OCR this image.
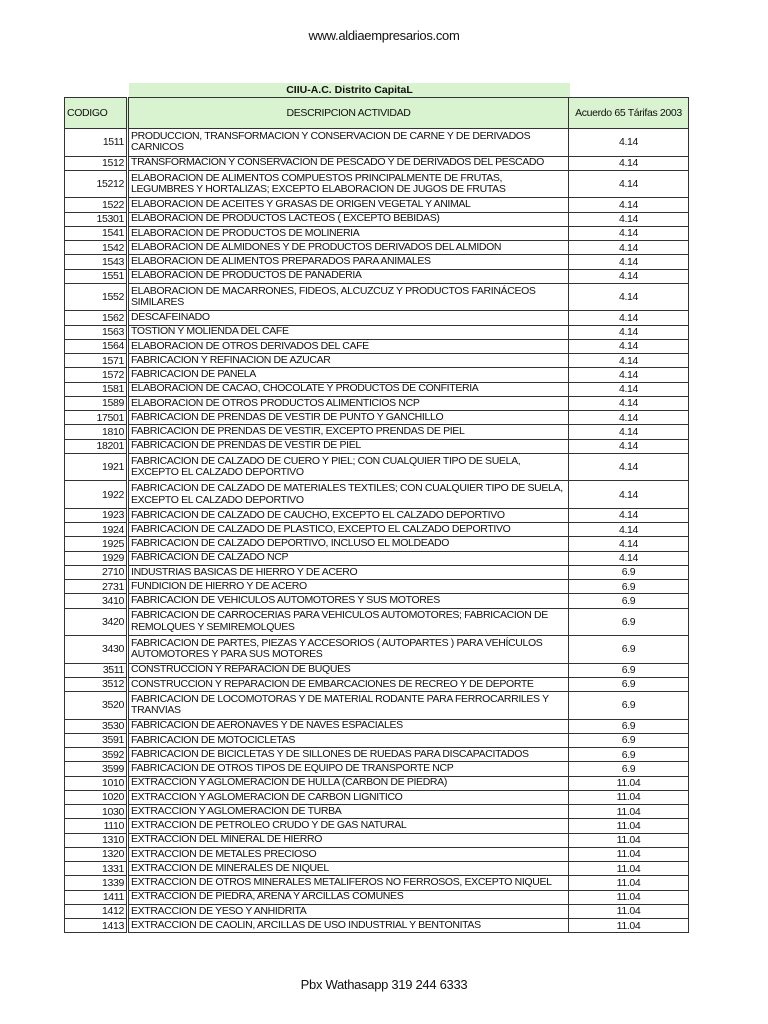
www.aldiaempresarios.com
CIIU-A.C. Distrito CapitaL
CODIGO	DESCRIPCION ACTIVIDAD	Acuerdo 65 Tárifas 2003
1511	PRODUCCION, TRANSFORMACION Y CONSERVACION DE CARNE Y DE DERIVADOS CARNICOS	4.14
1512	TRANSFORMACION Y CONSERVACION DE PESCADO Y DE DERIVADOS DEL PESCADO	4.14
15212	ELABORACION DE ALIMENTOS COMPUESTOS PRINCIPALMENTE DE FRUTAS, LEGUMBRES Y HORTALIZAS; EXCEPTO ELABORACION DE JUGOS DE FRUTAS	4.14
1522	ELABORACION DE ACEITES Y GRASAS DE ORIGEN VEGETAL Y ANIMAL	4.14
15301	ELABORACION DE PRODUCTOS LACTEOS ( EXCEPTO BEBIDAS)	4.14
1541	ELABORACION DE PRODUCTOS DE MOLINERIA	4.14
1542	ELABORACION DE ALMIDONES Y DE PRODUCTOS DERIVADOS DEL ALMIDON	4.14
1543	ELABORACION DE ALIMENTOS PREPARADOS PARA ANIMALES	4.14
1551	ELABORACION DE PRODUCTOS DE PANADERIA	4.14
1552	ELABORACION DE MACARRONES, FIDEOS, ALCUZCUZ Y PRODUCTOS FARINÁCEOS SIMILARES	4.14
1562	DESCAFEINADO	4.14
1563	TOSTION Y MOLIENDA DEL CAFE	4.14
1564	ELABORACION DE OTROS DERIVADOS DEL CAFE	4.14
1571	FABRICACION Y REFINACION DE AZUCAR	4.14
1572	FABRICACION DE PANELA	4.14
1581	ELABORACION DE CACAO, CHOCOLATE Y PRODUCTOS DE CONFITERIA	4.14
1589	ELABORACION DE OTROS PRODUCTOS ALIMENTICIOS NCP	4.14
17501	FABRICACION DE PRENDAS DE VESTIR DE PUNTO Y GANCHILLO	4.14
1810	FABRICACION DE PRENDAS DE VESTIR, EXCEPTO PRENDAS DE PIEL	4.14
18201	FABRICACION DE PRENDAS DE VESTIR DE PIEL	4.14
1921	FABRICACION DE CALZADO DE CUERO Y PIEL; CON CUALQUIER TIPO DE SUELA, EXCEPTO EL CALZADO DEPORTIVO	4.14
1922	FABRICACION DE CALZADO DE MATERIALES TEXTILES; CON CUALQUIER TIPO DE SUELA, EXCEPTO EL CALZADO DEPORTIVO	4.14
1923	FABRICACION DE CALZADO DE CAUCHO, EXCEPTO EL CALZADO DEPORTIVO	4.14
1924	FABRICACION DE CALZADO DE PLASTICO, EXCEPTO EL CALZADO DEPORTIVO	4.14
1925	FABRICACION DE CALZADO DEPORTIVO, INCLUSO EL MOLDEADO	4.14
1929	FABRICACION DE CALZADO NCP	4.14
2710	INDUSTRIAS BASICAS DE HIERRO Y DE ACERO	6.9
2731	FUNDICION DE HIERRO Y DE ACERO	6.9
3410	FABRICACION DE VEHICULOS AUTOMOTORES Y SUS MOTORES	6.9
3420	FABRICACION DE CARROCERIAS PARA VEHICULOS AUTOMOTORES; FABRICACION DE REMOLQUES Y SEMIREMOLQUES	6.9
3430	FABRICACION DE PARTES, PIEZAS Y ACCESORIOS ( AUTOPARTES ) PARA VEHÍCULOS AUTOMOTORES Y PARA SUS MOTORES	6.9
3511	CONSTRUCCION Y REPARACION DE BUQUES	6.9
3512	CONSTRUCCION Y REPARACION DE EMBARCACIONES DE RECREO Y DE DEPORTE	6.9
3520	FABRICACION DE LOCOMOTORAS Y DE MATERIAL RODANTE PARA FERROCARRILES Y TRANVIAS	6.9
3530	FABRICACION DE AERONAVES Y DE NAVES ESPACIALES	6.9
3591	FABRICACION DE MOTOCICLETAS	6.9
3592	FABRICACION DE BICICLETAS Y DE SILLONES DE RUEDAS PARA DISCAPACITADOS	6.9
3599	FABRICACION DE OTROS TIPOS DE EQUIPO DE TRANSPORTE NCP	6.9
1010	EXTRACCION Y AGLOMERACION DE HULLA (CARBON DE PIEDRA)	11.04
1020	EXTRACCION Y AGLOMERACION DE CARBON LIGNITICO	11.04
1030	EXTRACCION Y AGLOMERACION DE TURBA	11.04
1110	EXTRACCION DE PETROLEO CRUDO Y DE GAS NATURAL	11.04
1310	EXTRACCION DEL MINERAL DE HIERRO	11.04
1320	EXTRACCION DE METALES PRECIOSO	11.04
1331	EXTRACCION DE MINERALES DE NIQUEL	11.04
1339	EXTRACCION DE OTROS MINERALES METALIFEROS NO FERROSOS, EXCEPTO NIQUEL	11.04
1411	EXTRACCION DE PIEDRA, ARENA Y ARCILLAS COMUNES	11.04
1412	EXTRACCION DE YESO Y ANHIDRITA	11.04
1413	EXTRACCION DE CAOLIN, ARCILLAS DE USO INDUSTRIAL Y BENTONITAS	11.04
Pbx Wathasapp 319 244 6333
